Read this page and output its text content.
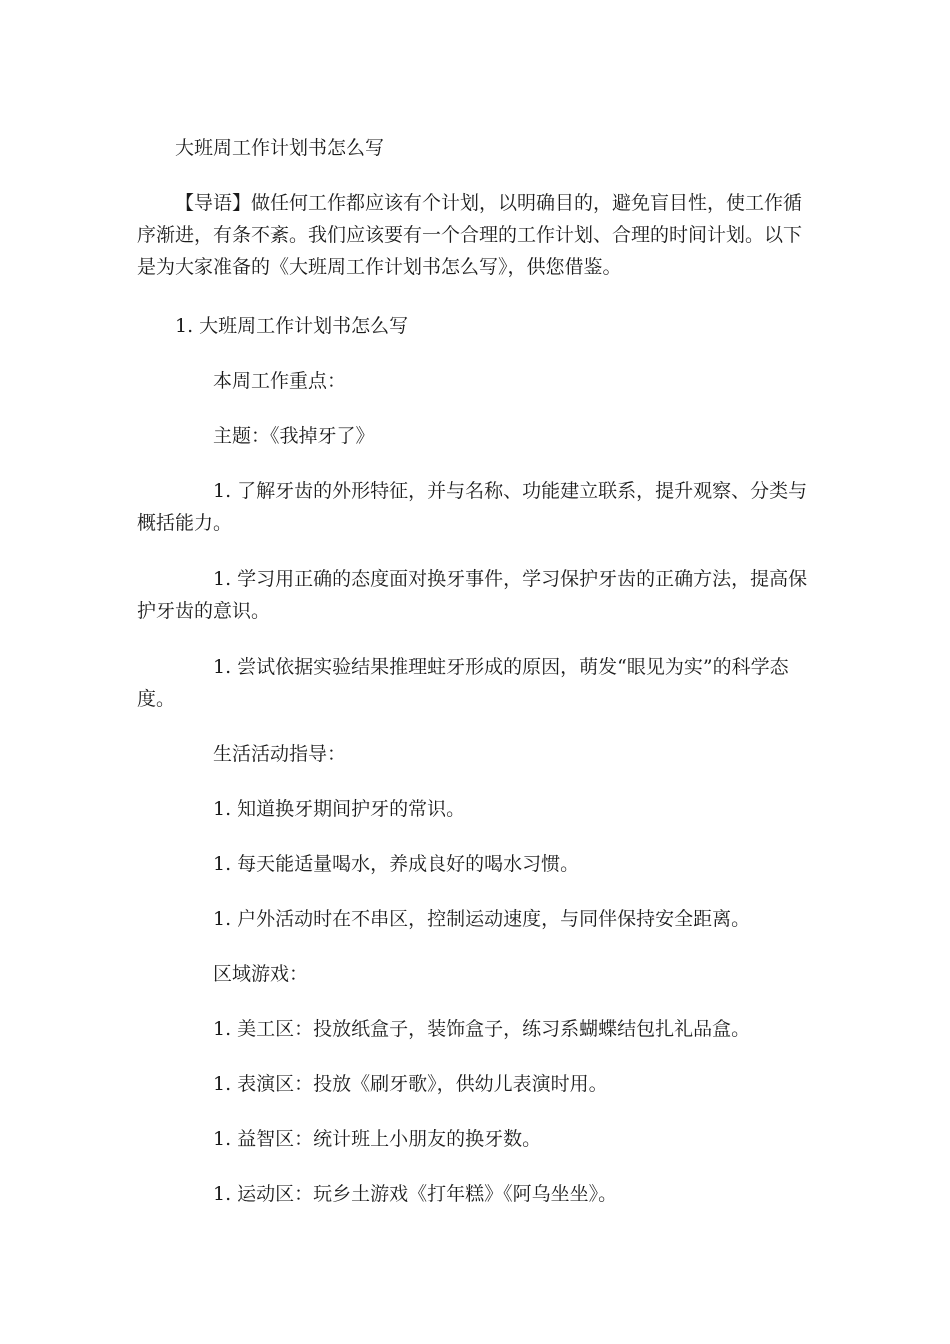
大班周工作计划书怎么写

【导语】做任何工作都应该有个计划，以明确目的，避免盲目性，使工作循序渐进，有条不紊。我们应该要有一个合理的工作计划、合理的时间计划。以下是为大家准备的《大班周工作计划书怎么写》，供您借鉴。

1. 大班周工作计划书怎么写

本周工作重点：

主题：《我掉牙了》

1. 了解牙齿的外形特征，并与名称、功能建立联系，提升观察、分类与概括能力。

1. 学习用正确的态度面对换牙事件，学习保护牙齿的正确方法，提高保护牙齿的意识。

1. 尝试依据实验结果推理蛀牙形成的原因，萌发“眼见为实”的科学态度。

生活活动指导：

1. 知道换牙期间护牙的常识。

1. 每天能适量喝水，养成良好的喝水习惯。

1. 户外活动时在不串区，控制运动速度，与同伴保持安全距离。

区域游戏：

1. 美工区：投放纸盒子，装饰盒子，练习系蝴蝶结包扎礼品盒。

1. 表演区：投放《刷牙歌》，供幼儿表演时用。

1. 益智区：统计班上小朋友的换牙数。

1. 运动区：玩乡土游戏《打年糕》《阿乌坐坐》。
